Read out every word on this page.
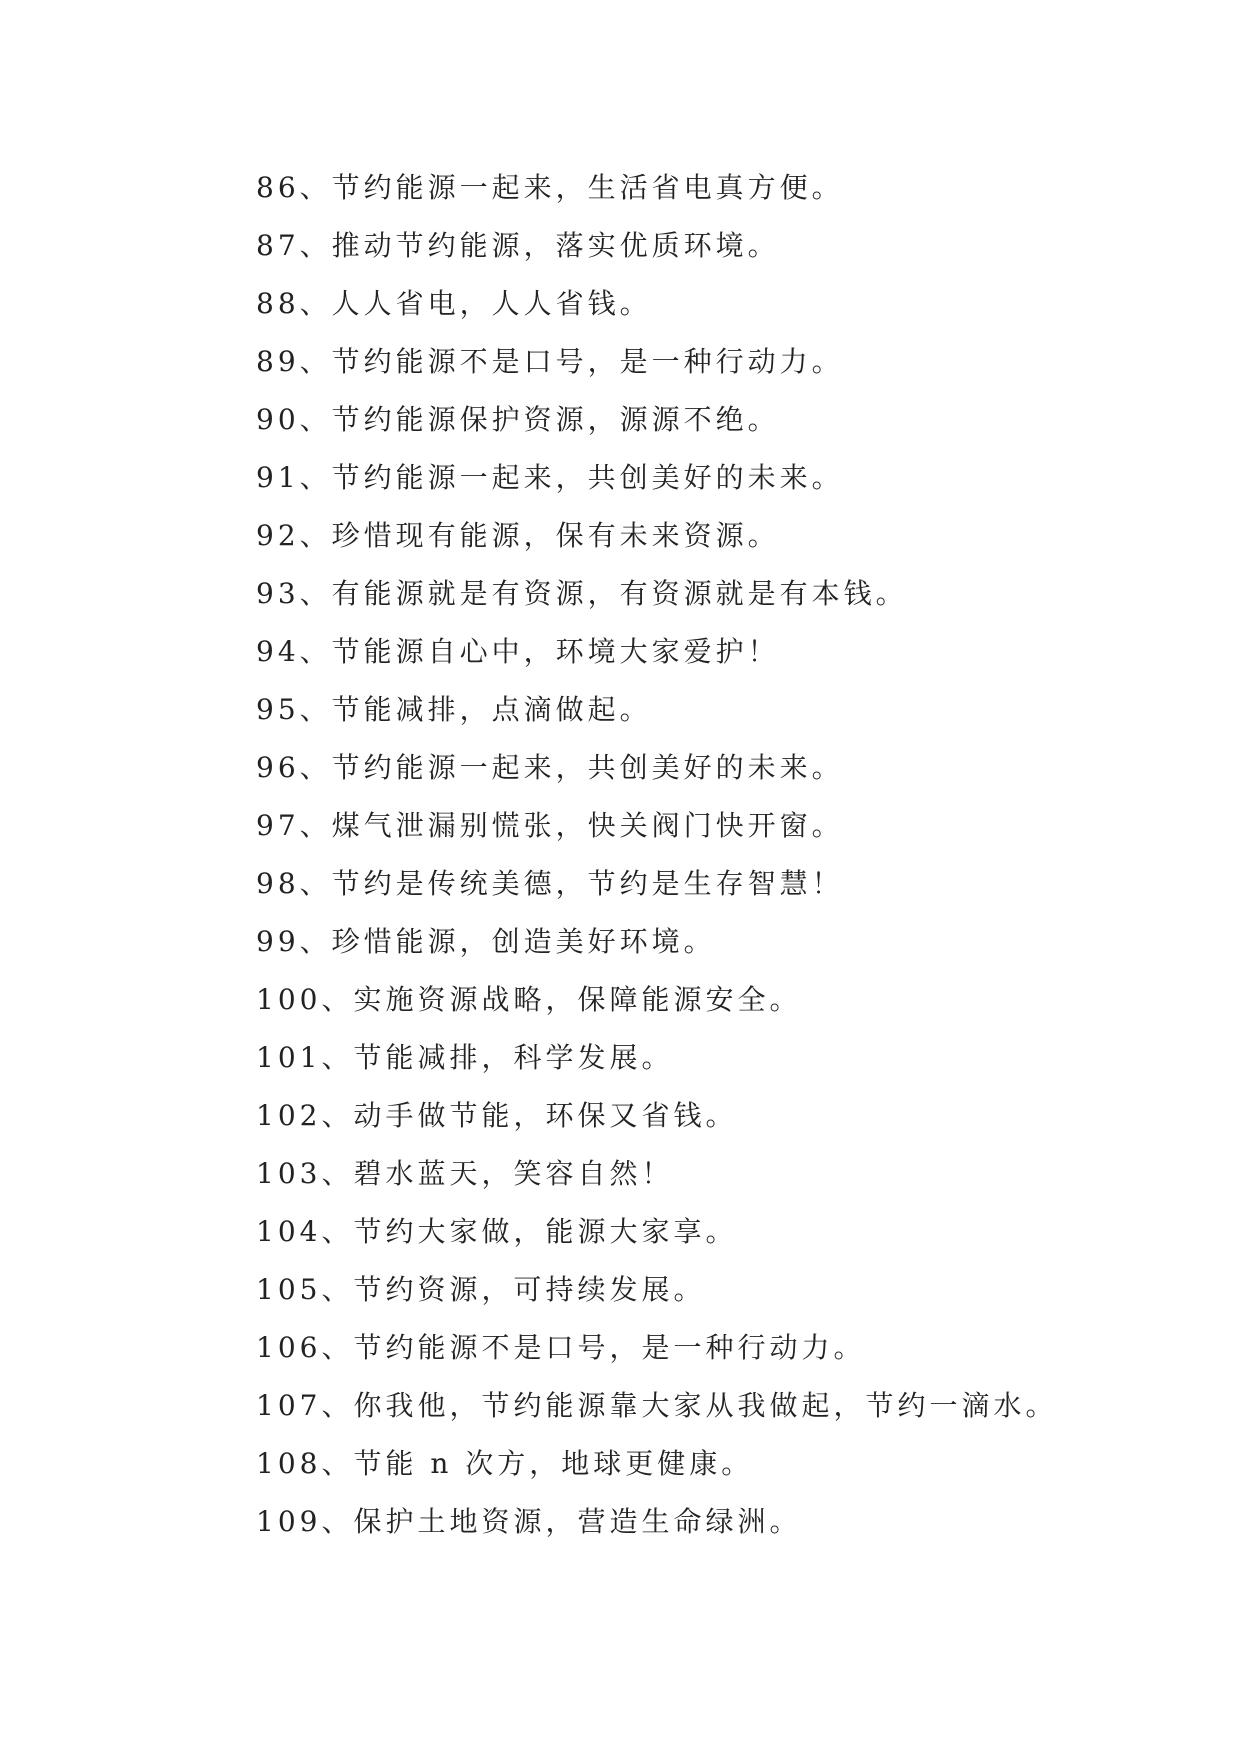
86、节约能源一起来，生活省电真方便。
87、推动节约能源，落实优质环境。
88、人人省电，人人省钱。
89、节约能源不是口号，是一种行动力。
90、节约能源保护资源，源源不绝。
91、节约能源一起来，共创美好的未来。
92、珍惜现有能源，保有未来资源。
93、有能源就是有资源，有资源就是有本钱。
94、节能源自心中，环境大家爱护！
95、节能减排，点滴做起。
96、节约能源一起来，共创美好的未来。
97、煤气泄漏别慌张，快关阀门快开窗。
98、节约是传统美德，节约是生存智慧！
99、珍惜能源，创造美好环境。
100、实施资源战略，保障能源安全。
101、节能减排，科学发展。
102、动手做节能，环保又省钱。
103、碧水蓝天，笑容自然！
104、节约大家做，能源大家享。
105、节约资源，可持续发展。
106、节约能源不是口号，是一种行动力。
107、你我他，节约能源靠大家从我做起，节约一滴水。
108、节能 n 次方，地球更健康。
109、保护土地资源，营造生命绿洲。
